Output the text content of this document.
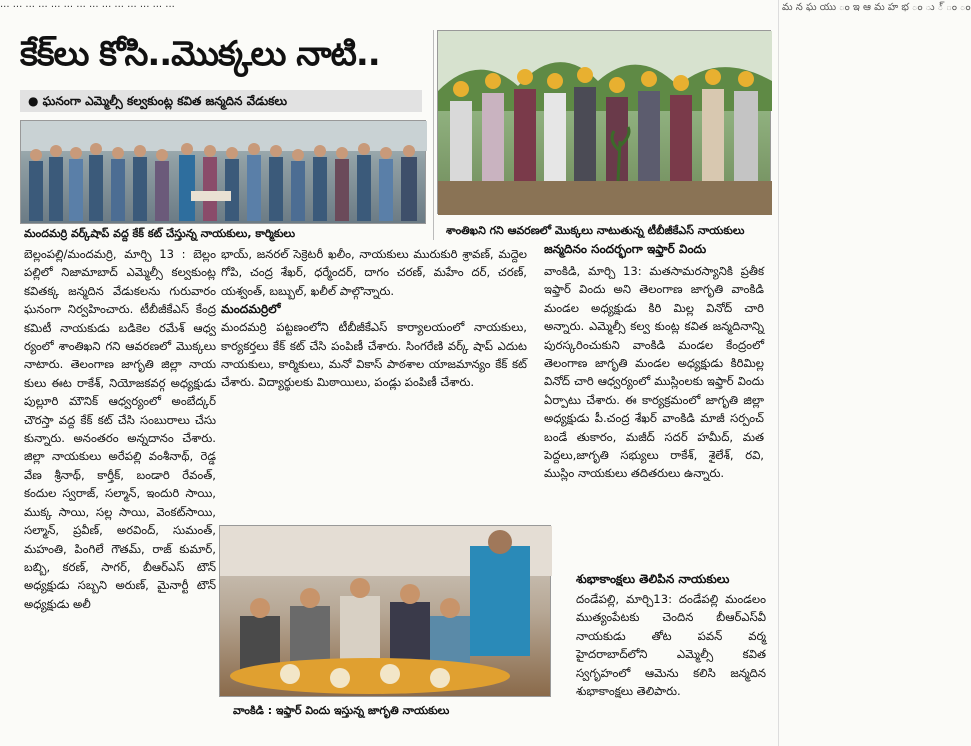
... ... ... ... ... ... ... ... ... ... ... ... ... ...
కేక్‌లు కోసి..మొక్కలు నాటి..
● ఘనంగా ఎమ్మెల్సీ కల్వకుంట్ల కవిత జన్మదిన వేడుకలు
మందమర్రి వర్క్‌షాప్ వద్ద కేక్ కట్ చేస్తున్న నాయకులు, కార్మికులు	శాంతిఖని గని ఆవరణలో మొక్కలు నాటుతున్న టీబీజీకేఎస్ నాయకులు

బెల్లంపల్లి/మందమర్రి, మార్చి 13 : బెల్లం పల్లిలో నిజామాబాద్ ఎమ్మెల్సీ కల్వకుంట్ల కవితక్క జన్మదిన వేడుకలను గురువారం ఘనంగా నిర్వహించారు. టీబీజీకేఎస్ కేంద్ర కమిటీ నాయకుడు బడికెల రమేశ్ ఆధ్వ ర్యంలో శాంతిఖని గని ఆవరణలో మొక్కలు నాటారు. తెలంగాణ జాగృతి జిల్లా నాయ కులు ఈట రాకేశ్, నియోజకవర్గ అధ్యక్షుడు పుల్లూరి మౌనిక్ ఆధ్వర్యంలో అంబేద్కర్ చౌరస్తా వద్ద కేక్ కట్ చేసి సంబురాలు చేసు కున్నారు. అనంతరం అన్నదానం చేశారు. జిల్లా నాయకులు అరేపల్లి వంశీనాథ్, రెడ్డ వేణ శ్రీనాథ్, కార్తీక్, బండారి రేవంత్, కందుల స్వరాజ్, సల్మాన్, ఇందురి సాయి, ముక్క సాయి, సల్ల సాయి, వెంకట్‌సాయి, సల్మాన్, ప్రవీణ్, అరవింద్, సుమంత్, మహంతి, పింగిలే గౌతమ్, రాజ్ కుమార్, బబ్బి, కరణ్, సాగర్, బీఆర్‌ఎస్ టౌన్ అధ్యక్షుడు సబ్బని అరుణ్, మైనార్టీ టౌన్ అధ్యక్షుడు అలీ

భాయ్, జనరల్ సెక్రెటరీ ఖలీం, నాయకులు మురుకురి శ్రావణ్, మద్దెల గోపి, చంద్ర శేఖర్, ధర్మేందర్, దాగం చరణ్, మహేం దర్, చరణ్, యశ్వంత్, బబ్బుల్, ఖలీల్ పాల్గొన్నారు.

మందమర్రిలో

మందమర్రి పట్టణంలోని టీబీజీకేఎస్ కార్యాలయంలో నాయకులు, కార్యకర్తలు కేక్ కట్ చేసి పంపిణీ చేశారు. సింగరేణి వర్క్ షాప్ ఎదుట నాయకులు, కార్మికులు, మనో వికాస్ పాఠశాల యాజమాన్యం కేక్ కట్ చేశారు. విద్యార్థులకు మిఠాయిలు, పండ్లు పంపిణీ చేశారు.

వాంకిడి : ఇఫ్తార్ విందు ఇస్తున్న జాగృతి నాయకులు
జన్మదినం సందర్భంగా ఇఫ్తార్ విందు

వాంకిడి, మార్చి 13: మతసామరస్యానికి ప్రతీక ఇఫ్తార్ విందు అని తెలంగాణ జాగృతి వాంకిడి మండల అధ్యక్షుడు కిరి మిల్ల వినోద్ చారి అన్నారు. ఎమ్మెల్సీ కల్వ కుంట్ల కవిత జన్మదినాన్ని పురస్కరించుకుని వాంకిడి మండల కేంద్రంలో తెలంగాణ జాగృతి మండల అధ్యక్షుడు కిరిమిల్ల వినోద్ చారి ఆధ్వర్యంలో ముస్లింలకు ఇఫ్తార్ విందు ఏర్పాటు చేశారు. ఈ కార్యక్రమంలో జాగృతి జిల్లా అధ్యక్షుడు పీ.చంద్ర శేఖర్ వాంకిడి మాజీ సర్పంచ్ బండే తుకారం, మజీద్ సదర్ హమీద్, మత పెద్దలు,జాగృతి సభ్యులు రాకేశ్, శైలేశ్, రవి, ముస్లిం నాయకులు తదితరులు ఉన్నారు.

శుభాకాంక్షలు తెలిపిన నాయకులు

దండేపల్లి, మార్చి13: దండేపల్లి మండలం ముత్యంపేటకు చెందిన బీఆర్‌ఎస్‌వీ నాయకుడు తోట పవన్ వర్మ హైదరాబాద్‌లోని ఎమ్మెల్సీ కవిత స్వగృహంలో ఆమెను కలిసి జన్మదిన శుభాకాంక్షలు తెలిపారు.

మ న ఘ యు ం ఇ ఆ మ హ భ ం ు ్ ం ం
